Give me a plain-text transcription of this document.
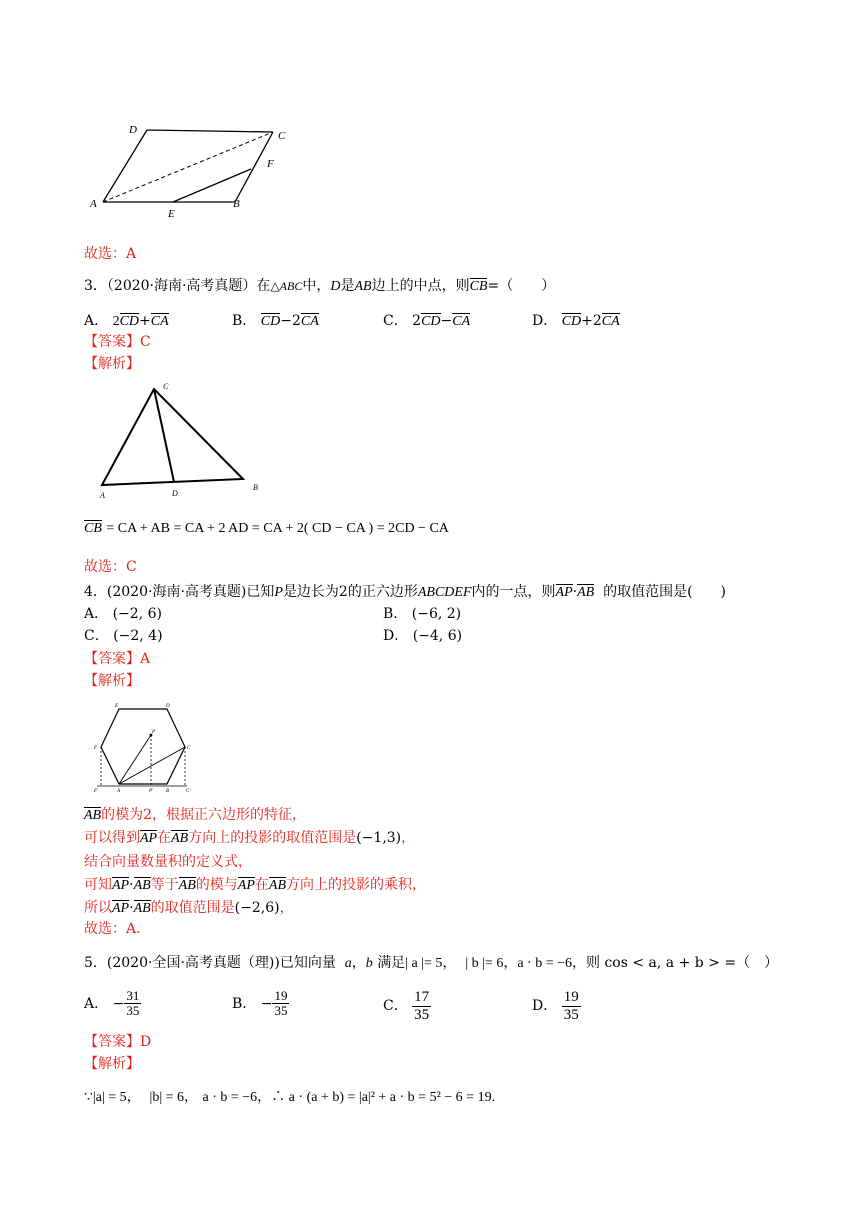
D	C
F
A
E
B
故选：A
3．（2020·海南·高考真题）在△ABC中，D是AB边上的中点，则CB=（　　）
A． 2CD+CA	B． CD−2CA	C． 2CD−CA	D． CD+2CA
【答案】C
【解析】
C
A	D
B
CB = CA + AB = CA + 2 AD = CA + 2( CD − CA ) = 2CD − CA
故选：C
4．(2020·海南·高考真题)已知P是边长为2的正六边形ABCDEF内的一点，则AP·AB 的取值范围是(　　)
A． (−2, 6)	B． (−6, 2)
C． (−2, 4)	D． (−4, 6)
【答案】A
【解析】
E	D
F	C
P
A	B
F′	P′	C′
AB的模为2，根据正六边形的特征，
可以得到AP在AB方向上的投影的取值范围是(−1,3)，
结合向量数量积的定义式，
可知AP·AB等于AB的模与AP在AB方向上的投影的乘积，
所以AP·AB的取值范围是(−2,6)，
故选：A.
5．(2020·全国·高考真题（理))已知向量 a，b 满足| a |= 5，  | b |= 6，a · b = −6，则 cos < a, a + b > =（　）
A． − $\frac{31}{35}$	B． − $\frac{19}{35}$	C． $\frac{17}{35}$	D． $\frac{19}{35}$
【答案】D
【解析】
∵|a| = 5， |b| = 6， a · b = −6，∴ a · (a + b) = |a|² + a · b = 5² − 6 = 19.
